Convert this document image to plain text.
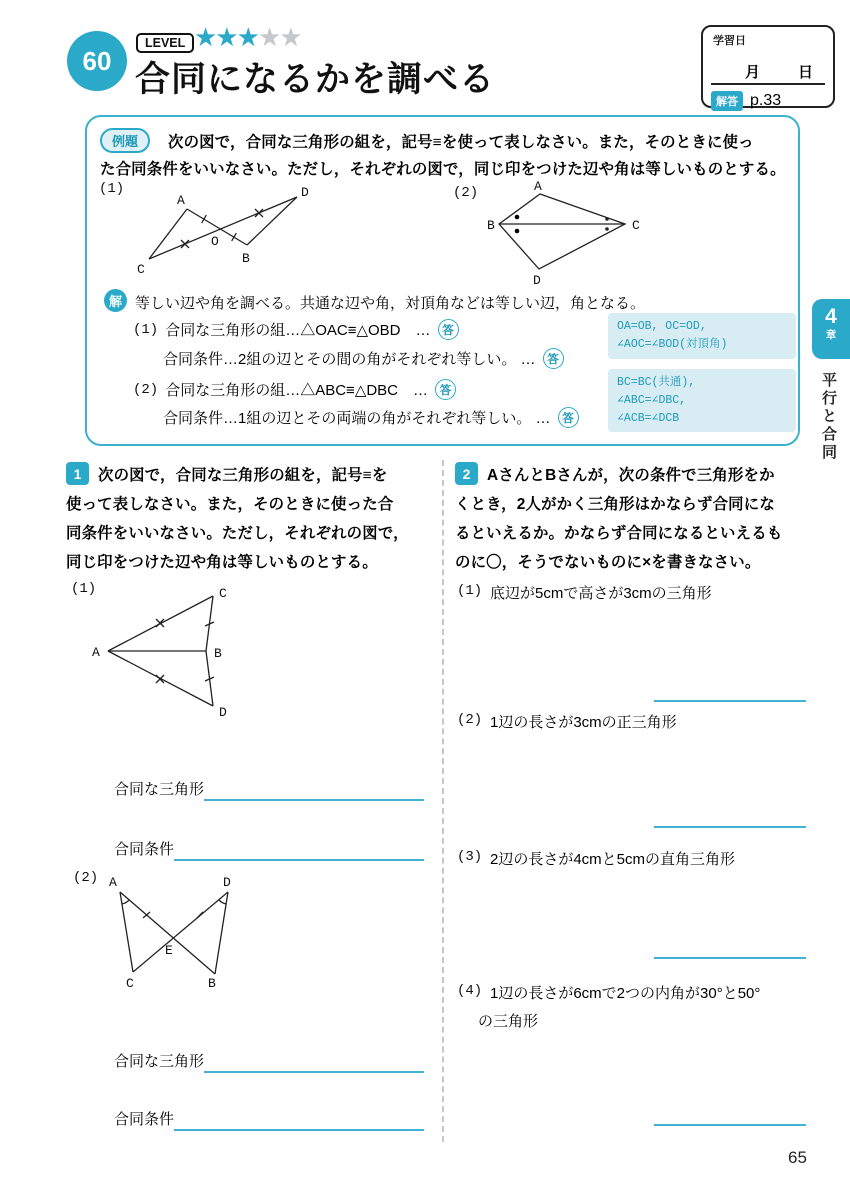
60
LEVEL ★★★★★
合同になるかを調べる
学習日
月	日
解答 p.33
例題	次の図で，合同な三角形の組を，記号≡を使って表しなさい。また，そのときに使っ
た合同条件をいいなさい。ただし，それぞれの図で，同じ印をつけた辺や角は等しいものとする。
(1)
A
D
C
B
O
(2)	A
B	C
D
解 等しい辺や角を調べる。共通な辺や角，対頂角などは等しい辺，角となる。
(1) 合同な三角形の組…△OAC≡△OBD　…	答
合同条件…2組の辺とその間の角がそれぞれ等しい。 …	答
(2) 合同な三角形の組…△ABC≡△DBC　…	答
合同条件…1組の辺とその両端の角がそれぞれ等しい。 …	答
OA=OB, OC=OD,
∠AOC=∠BOD(対頂角)
BC=BC(共通),
∠ABC=∠DBC,
∠ACB=∠DCB
4
章
平行と合同
1	次の図で，合同な三角形の組を，記号≡を
使って表しなさい。また，そのときに使った合
同条件をいいなさい。ただし，それぞれの図で，
同じ印をつけた辺や角は等しいものとする。
(1)
A
C
B
D
合同な三角形
合同条件
(2) A	D
E
C	B
合同な三角形
合同条件
2	AさんとBさんが，次の条件で三角形をか
くとき，2人がかく三角形はかならず合同にな
るといえるか。かならず合同になるといえるも
のに〇，そうでないものに×を書きなさい。
(1) 底辺が5cmで高さが3cmの三角形
(2) 1辺の長さが3cmの正三角形
(3) 2辺の長さが4cmと5cmの直角三角形
(4) 1辺の長さが6cmで2つの内角が30°と50°
の三角形
65
